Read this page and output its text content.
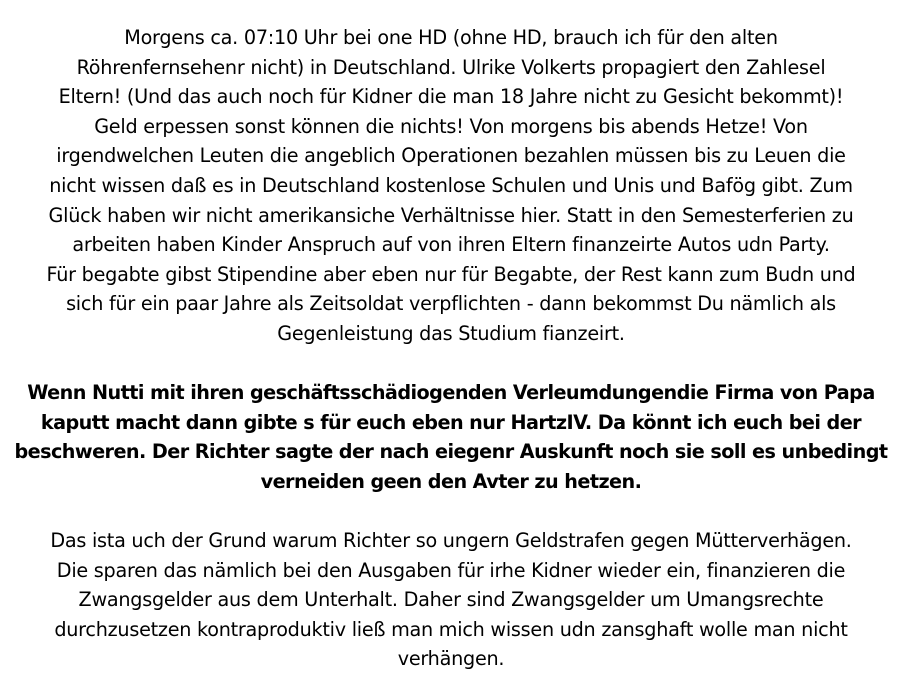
Morgens ca. 07:10 Uhr bei one HD (ohne HD, brauch ich für den alten
Röhrenfernsehenr nicht) in Deutschland. Ulrike Volkerts propagiert den Zahlesel
Eltern! (Und das auch noch für Kidner die man 18 Jahre nicht zu Gesicht bekommt)!
Geld erpessen sonst können die nichts! Von morgens bis abends Hetze! Von
irgendwelchen Leuten die angeblich Operationen bezahlen müssen bis zu Leuen die
nicht wissen daß es in Deutschland kostenlose Schulen und Unis und Bafög gibt. Zum
Glück haben wir nicht amerikansiche Verhältnisse hier. Statt in den Semesterferien zu
arbeiten haben Kinder Anspruch auf von ihren Eltern finanzeirte Autos udn Party.
Für begabte gibst Stipendine aber eben nur für Begabte, der Rest kann zum Budn und
sich für ein paar Jahre als Zeitsoldat verpflichten - dann bekommst Du nämlich als
Gegenleistung das Studium fianzeirt.
Wenn Nutti mit ihren geschäftsschädiogenden Verleumdungendie Firma von Papa
kaputt macht dann gibte s für euch eben nur HartzIV. Da könnt ich euch bei der
beschweren. Der Richter sagte der nach eiegenr Auskunft noch sie soll es unbedingt
verneiden geen den Avter zu hetzen.
Das ista uch der Grund warum Richter so ungern Geldstrafen gegen Mütterverhägen.
Die sparen das nämlich bei den Ausgaben für irhe Kidner wieder ein, finanzieren die
Zwangsgelder aus dem Unterhalt. Daher sind Zwangsgelder um Umangsrechte
durchzusetzen kontraproduktiv ließ man mich wissen udn zansghaft wolle man nicht
verhängen.
